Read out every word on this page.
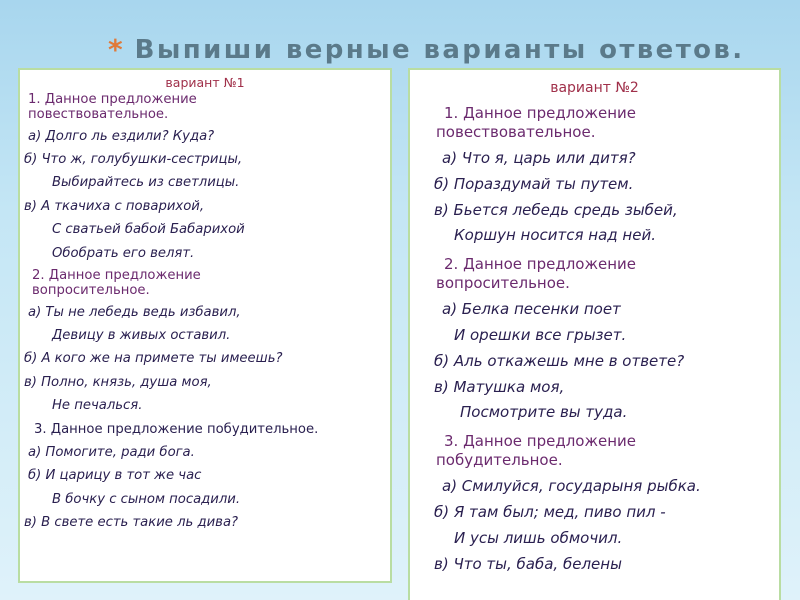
* Выпиши верные варианты ответов.
вариант №1
1. Данное предложение повествовательное.
а) Долго ль ездили? Куда?
б) Что ж, голубушки-сестрицы,
Выбирайтесь из светлицы.
в) А ткачиха с поварихой,
С сватьей бабой Бабарихой
Обобрать его велят.
2. Данное предложение вопросительное.
а) Ты не лебедь ведь избавил,
Девицу в живых оставил.
б) А кого же на примете ты имеешь?
в) Полно, князь, душа моя,
Не печалься.
3. Данное предложение побудительное.
а) Помогите, ради бога.
б) И царицу в тот же час
В бочку с сыном посадили.
в) В свете есть такие ль дива?
вариант №2
1. Данное предложение повествовательное.
а) Что я, царь или дитя?
б) Пораздумай ты путем.
в) Бьется лебедь средь зыбей,
Коршун носится над ней.
2. Данное предложение вопросительное.
а) Белка песенки поет
И орешки все грызет.
б) Аль откажешь мне в ответе?
в) Матушка моя,
Посмотрите вы туда.
3. Данное предложение побудительное.
а) Смилуйся, государыня рыбка.
б) Я там был; мед, пиво пил -
И усы лишь обмочил.
в) Что ты, баба, белены
